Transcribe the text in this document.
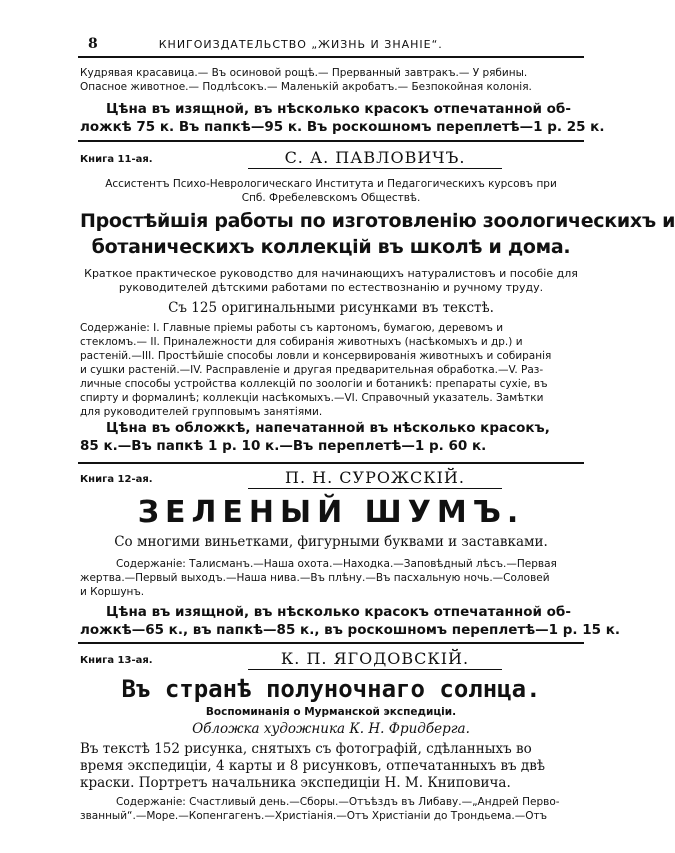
8	КНИГОИЗДАТЕЛЬСТВО „ЖИЗНЬ И ЗНАНIЕ“.
Кудрявая красавица.— Въ осиновой рощѣ.— Прерванный завтракъ.— У рябины.
Опасное животное.— Подлѣсокъ.— Маленькій акробатъ.— Безпокойная колонія.
Цѣна въ изящной, въ нѣсколько красокъ отпечатанной об-
ложкѣ 75 к. Въ папкѣ—95 к. Въ роскошномъ переплетѣ—1 р. 25 к.
Книга 11-ая.	С. А. ПАВЛОВИЧЪ.
Ассистентъ Психо-Неврологическаго Института и Педагогическихъ курсовъ при
Спб. Фребелевскомъ Обществѣ.
Простѣйшія работы по изготовленію зоологическихъ и
ботаническихъ коллекцій въ школѣ и дома.
Краткое практическое руководство для начинающихъ натуралистовъ и пособіе для
руководителей дѣтскими работами по естествознанію и ручному труду.
Съ 125 оригинальными рисунками въ текстѣ.
Содержаніе: I. Главные пріемы работы съ картономъ, бумагою, деревомъ и
стекломъ.— II. Приналежности для собиранія животныхъ (насѣкомыхъ и др.) и
растеній.—III. Простѣйшіе способы ловли и консервированія животныхъ и собиранія
и сушки растеній.—IV. Расправленіе и другая предварительная обработка.—V. Раз-
личные способы устройства коллекцій по зоологіи и ботаникѣ: препараты сухіе, въ
спирту и формалинѣ; коллекціи насѣкомыхъ.—VI. Справочный указатель. Замѣтки
для руководителей групповымъ занятіями.
Цѣна въ обложкѣ, напечатанной въ нѣсколько красокъ,
85 к.—Въ папкѣ 1 р. 10 к.—Въ переплетѣ—1 р. 60 к.
Книга 12-ая.	П. Н. СУРОЖСКIЙ.
ЗЕЛЕНЫЙ ШУМЪ.
Со многими виньетками, фигурными буквами и заставками.
Содержаніе: Талисманъ.—Наша охота.—Находка.—Заповѣдный лѣсъ.—Первая
жертва.—Первый выходъ.—Наша нива.—Въ плѣну.—Въ пасхальную ночь.—Соловей
и Коршунъ.
Цѣна въ изящной, въ нѣсколько красокъ отпечатанной об-
ложкѣ—65 к., въ папкѣ—85 к., въ роскошномъ переплетѣ—1 р. 15 к.
Книга 13-ая.	К. П. ЯГОДОВСКIЙ.
Въ странѣ полуночнаго солнца.
Воспоминанія о Мурманской экспедиціи.
Обложка художника К. Н. Фридберга.
Въ текстѣ 152 рисунка, снятыхъ съ фотографій, сдѣланныхъ во
время экспедиціи, 4 карты и 8 рисунковъ, отпечатанныхъ въ двѣ
краски. Портретъ начальника экспедиціи Н. М. Книповича.
Содержаніе: Счастливый день.—Сборы.—Отъѣздъ въ Либаву.—„Андрей Перво-
званный“.—Море.—Копенгагенъ.—Христіанія.—Отъ Христіаніи до Трондьема.—Отъ
